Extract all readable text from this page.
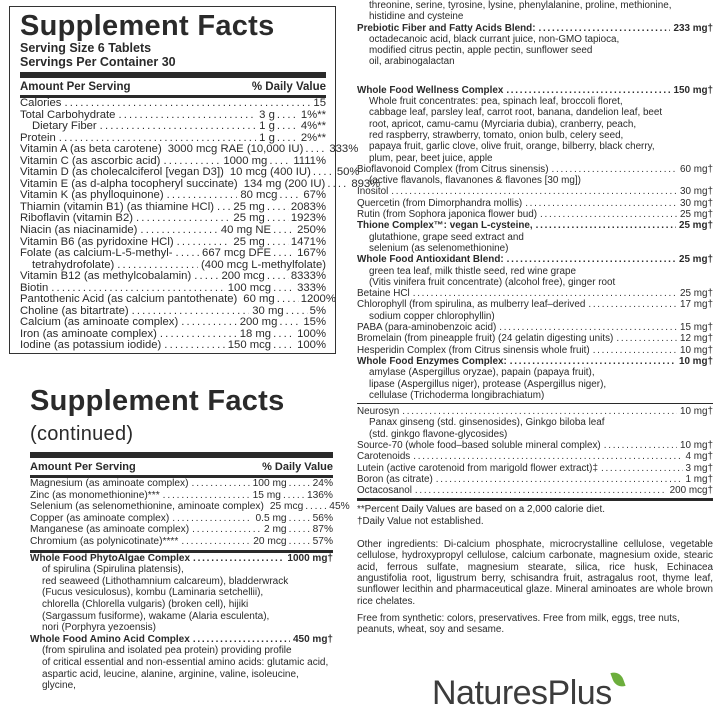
Supplement Facts
Serving Size 6 Tablets
Servings Per Container 30
Amount Per Serving	% Daily Value
Calories . . .	15
Total Carbohydrate . . .	3 g . . . 1%**
Dietary Fiber . . .	1 g . . . 4%**
Protein . . .	1 g . . . 2%**
Vitamin A (as beta carotene) 3000 mcg RAE (10,000 IU) . . . 333%
Vitamin C (as ascorbic acid) . . .	1000 mg . . . 1111%
Vitamin D (as cholecalciferol [vegan D3]) 10 mcg (400 IU) . . . 50%
Vitamin E (as d-alpha tocopheryl succinate) 134 mg (200 IU) . . . 893%
Vitamin K (as phylloquinone) . . .	80 mcg . . . 67%
Thiamin (vitamin B1) (as thiamine HCl) . . . 25 mg . . . 2083%
Riboflavin (vitamin B2) . . .	25 mg . . . 1923%
Niacin (as niacinamide) . . .	40 mg NE . . . 250%
Vitamin B6 (as pyridoxine HCl) . . .	25 mg . . . 1471%
Folate (as calcium-L-5-methyl- . . .	667 mcg DFE . . . 167%
tetrahydrofolate) . . .	(400 mcg L-methylfolate)
Vitamin B12 (as methylcobalamin) . . .	200 mcg . . . 8333%
Biotin . . .	100 mcg . . . 333%
Pantothenic Acid (as calcium pantothenate) 60 mg . . . 1200%
Choline (as bitartrate) . . .	30 mg . . . 5%
Calcium (as aminoate complex) . . .	200 mg . . . 15%
Iron (as aminoate complex) . . .	18 mg . . . 100%
Iodine (as potassium iodide) . . .	150 mcg . . . 100%
Supplement Facts (continued)
Amount Per Serving	% Daily Value
Magnesium (as aminoate complex) . . .	100 mg . . .	24%
Zinc (as monomethionine)*** . . .	15 mg . . .	136%
Selenium (as selenomethionine, aminoate complex) 25 mcg . . .	45%
Copper (as aminoate complex) . . .	0.5 mg . . .	56%
Manganese (as aminoate complex) . . .	2 mg . . .	87%
Chromium (as polynicotinate)**** . . .	20 mcg . . .	57%
Whole Food PhytoAlgae Complex . . .	1000 mg†
of spirulina (Spirulina platensis),
red seaweed (Lithothamnium calcareum), bladderwrack
(Fucus vesiculosus), kombu (Laminaria setchellii),
chlorella (Chlorella vulgaris) (broken cell), hijiki
(Sargassum fusiforme), wakame (Alaria esculenta),
nori (Porphyra yezoensis)
Whole Food Amino Acid Complex . . .	450 mg†
(from spirulina and isolated pea protein) providing profile
of critical essential and non-essential amino acids: glutamic acid,
aspartic acid, leucine, alanine, arginine, valine, isoleucine, glycine,
threonine, serine, tyrosine, lysine, phenylalanine, proline, methionine,
histidine and cysteine
Prebiotic Fiber and Fatty Acids Blend: . . .	233 mg†
octadecanoic acid, black currant juice, non-GMO tapioca,
modified citrus pectin, apple pectin, sunflower seed
oil, arabinogalactan
Whole Food Wellness Complex . . .	150 mg†
Whole fruit concentrates: pea, spinach leaf, broccoli floret,
cabbage leaf, parsley leaf, carrot root, banana, dandelion leaf, beet
root, apricot, camu-camu (Myrciaria dubia), cranberry, peach,
red raspberry, strawberry, tomato, onion bulb, celery seed,
papaya fruit, garlic clove, olive fruit, orange, bilberry, black cherry,
plum, pear, beet juice, apple
Bioflavonoid Complex (from Citrus sinensis) . . .	60 mg†
(active flavanols, flavanones & flavones [30 mg])
Inositol . . .	30 mg†
Quercetin (from Dimorphandra mollis) . . .	30 mg†
Rutin (from Sophora japonica flower bud) . . .	25 mg†
Thione Complex™: vegan L-cysteine, . . .	25 mg†
glutathione, grape seed extract and
selenium (as selenomethionine)
Whole Food Antioxidant Blend: . . .	25 mg†
green tea leaf, milk thistle seed, red wine grape
(Vitis vinifera fruit concentrate) (alcohol free), ginger root
Betaine HCl . . .	25 mg†
Chlorophyll (from spirulina, as mulberry leaf–derived . . .	17 mg†
sodium copper chlorophyllin)
PABA (para-aminobenzoic acid) . . .	15 mg†
Bromelain (from pineapple fruit) (24 gelatin digesting units) . . .	12 mg†
Hesperidin Complex (from Citrus sinensis whole fruit) . . .	10 mg†
Whole Food Enzymes Complex: . . .	10 mg†
amylase (Aspergillus oryzae), papain (papaya fruit),
lipase (Aspergillus niger), protease (Aspergillus niger),
cellulase (Trichoderma longibrachiatum)
Neurosyn . . .	10 mg†
Panax ginseng (std. ginsenosides), Ginkgo biloba leaf
(std. ginkgo flavone-glycosides)
Source-70 (whole food–based soluble mineral complex) . . .	10 mg†
Carotenoids . . .	4 mg†
Lutein (active carotenoid from marigold flower extract)‡ . . .	3 mg†
Boron (as citrate) . . .	1 mg†
Octacosanol . . .	200 mcg†
**Percent Daily Values are based on a 2,000 calorie diet.
†Daily Value not established.
Other ingredients: Di-calcium phosphate, microcrystalline cellulose, vegetable cellulose, hydroxypropyl cellulose, calcium carbonate, magnesium oxide, stearic acid, ferrous sulfate, magnesium stearate, silica, rice husk, Echinacea angustifolia root, ligustrum berry, schisandra fruit, astragalus root, thyme leaf, sunflower lecithin and pharmaceutical glaze. Mineral aminoates are whole brown rice chelates.
Free from synthetic: colors, preservatives. Free from milk, eggs, tree nuts, peanuts, wheat, soy and sesame.
NaturesPlus
